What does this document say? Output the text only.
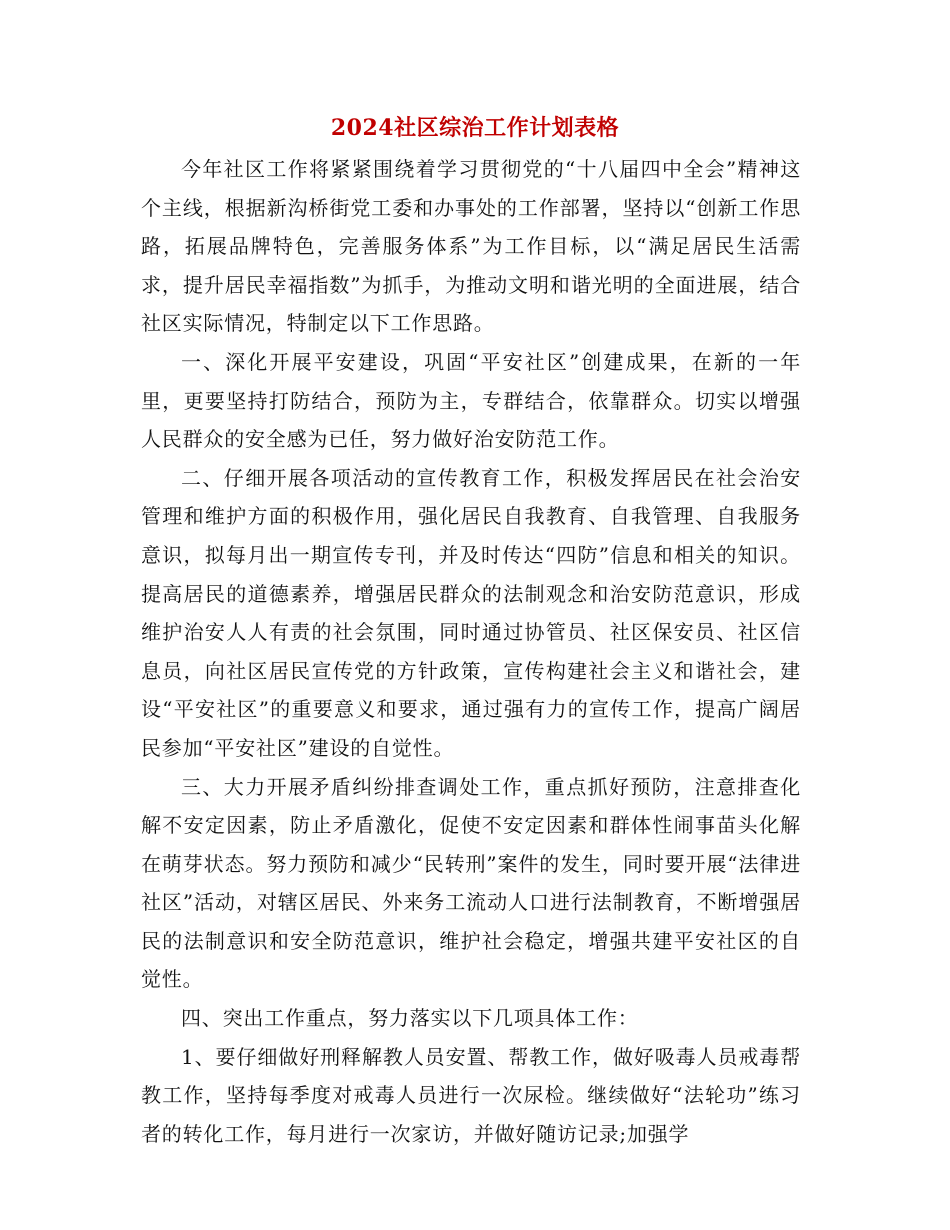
2024社区综治工作计划表格

今年社区工作将紧紧围绕着学习贯彻党的“十八届四中全会”精神这个主线，根据新沟桥街党工委和办事处的工作部署，坚持以“创新工作思路，拓展品牌特色，完善服务体系”为工作目标，以“满足居民生活需求，提升居民幸福指数”为抓手，为推动文明和谐光明的全面进展，结合社区实际情况，特制定以下工作思路。

一、深化开展平安建设，巩固“平安社区”创建成果，在新的一年里，更要坚持打防结合，预防为主，专群结合，依靠群众。切实以增强人民群众的安全感为已任，努力做好治安防范工作。

二、仔细开展各项活动的宣传教育工作，积极发挥居民在社会治安管理和维护方面的积极作用，强化居民自我教育、自我管理、自我服务意识，拟每月出一期宣传专刊，并及时传达“四防”信息和相关的知识。提高居民的道德素养，增强居民群众的法制观念和治安防范意识，形成维护治安人人有责的社会氛围，同时通过协管员、社区保安员、社区信息员，向社区居民宣传党的方针政策，宣传构建社会主义和谐社会，建设“平安社区”的重要意义和要求，通过强有力的宣传工作，提高广阔居民参加“平安社区”建设的自觉性。

三、大力开展矛盾纠纷排查调处工作，重点抓好预防，注意排查化解不安定因素，防止矛盾激化，促使不安定因素和群体性闹事苗头化解在萌芽状态。努力预防和减少“民转刑”案件的发生，同时要开展“法律进社区”活动，对辖区居民、外来务工流动人口进行法制教育，不断增强居民的法制意识和安全防范意识，维护社会稳定，增强共建平安社区的自觉性。

四、突出工作重点，努力落实以下几项具体工作：

1、要仔细做好刑释解教人员安置、帮教工作，做好吸毒人员戒毒帮教工作，坚持每季度对戒毒人员进行一次尿检。继续做好“法轮功”练习者的转化工作，每月进行一次家访，并做好随访记录;加强学
